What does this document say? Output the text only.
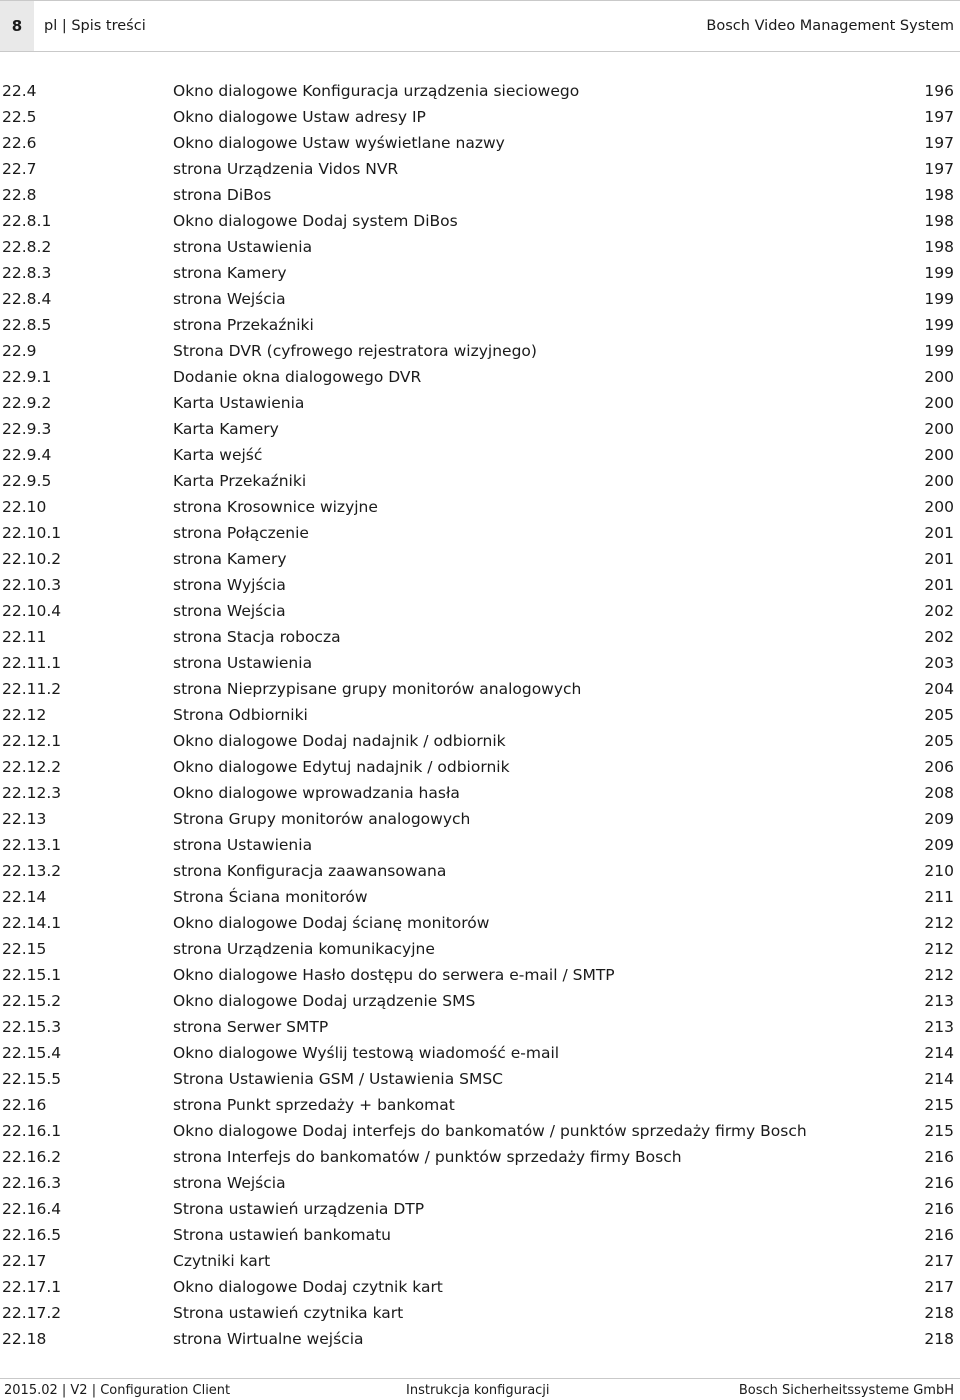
8	pl | Spis treści	Bosch Video Management System
22.4	Okno dialogowe Konfiguracja urządzenia sieciowego	196
22.5	Okno dialogowe Ustaw adresy IP	197
22.6	Okno dialogowe Ustaw wyświetlane nazwy	197
22.7	strona Urządzenia Vidos NVR	197
22.8	strona DiBos	198
22.8.1	Okno dialogowe Dodaj system DiBos	198
22.8.2	strona Ustawienia	198
22.8.3	strona Kamery	199
22.8.4	strona Wejścia	199
22.8.5	strona Przekaźniki	199
22.9	Strona DVR (cyfrowego rejestratora wizyjnego)	199
22.9.1	Dodanie okna dialogowego DVR	200
22.9.2	Karta Ustawienia	200
22.9.3	Karta Kamery	200
22.9.4	Karta wejść	200
22.9.5	Karta Przekaźniki	200
22.10	strona Krosownice wizyjne	200
22.10.1	strona Połączenie	201
22.10.2	strona Kamery	201
22.10.3	strona Wyjścia	201
22.10.4	strona Wejścia	202
22.11	strona Stacja robocza	202
22.11.1	strona Ustawienia	203
22.11.2	strona Nieprzypisane grupy monitorów analogowych	204
22.12	Strona Odbiorniki	205
22.12.1	Okno dialogowe Dodaj nadajnik / odbiornik	205
22.12.2	Okno dialogowe Edytuj nadajnik / odbiornik	206
22.12.3	Okno dialogowe wprowadzania hasła	208
22.13	Strona Grupy monitorów analogowych	209
22.13.1	strona Ustawienia	209
22.13.2	strona Konfiguracja zaawansowana	210
22.14	Strona Ściana monitorów	211
22.14.1	Okno dialogowe Dodaj ścianę monitorów	212
22.15	strona Urządzenia komunikacyjne	212
22.15.1	Okno dialogowe Hasło dostępu do serwera e-mail / SMTP	212
22.15.2	Okno dialogowe Dodaj urządzenie SMS	213
22.15.3	strona Serwer SMTP	213
22.15.4	Okno dialogowe Wyślij testową wiadomość e-mail	214
22.15.5	Strona Ustawienia GSM / Ustawienia SMSC	214
22.16	strona Punkt sprzedaży + bankomat	215
22.16.1	Okno dialogowe Dodaj interfejs do bankomatów / punktów sprzedaży firmy Bosch	215
22.16.2	strona Interfejs do bankomatów / punktów sprzedaży firmy Bosch	216
22.16.3	strona Wejścia	216
22.16.4	Strona ustawień urządzenia DTP	216
22.16.5	Strona ustawień bankomatu	216
22.17	Czytniki kart	217
22.17.1	Okno dialogowe Dodaj czytnik kart	217
22.17.2	Strona ustawień czytnika kart	218
22.18	strona Wirtualne wejścia	218
2015.02 | V2 | Configuration Client	Instrukcja konfiguracji	Bosch Sicherheitssysteme GmbH
